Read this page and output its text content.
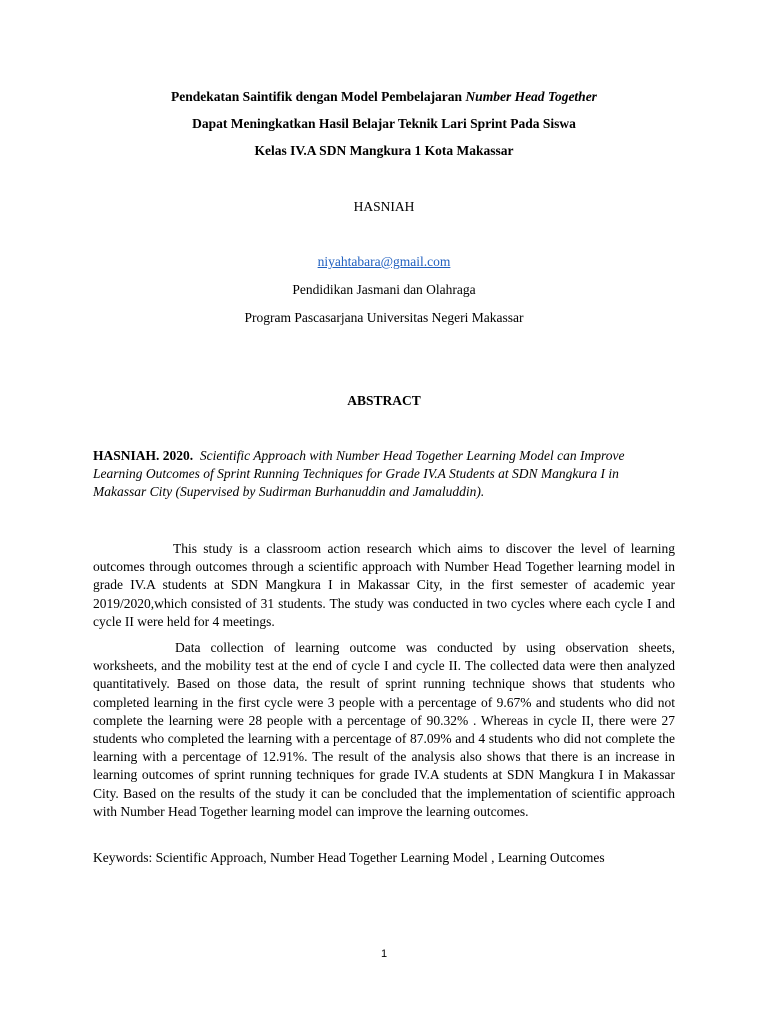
Pendekatan Saintifik dengan Model Pembelajaran Number Head Together
Dapat Meningkatkan Hasil Belajar Teknik Lari Sprint Pada Siswa
Kelas IV.A SDN Mangkura 1 Kota Makassar
HASNIAH
niyahtabara@gmail.com
Pendidikan Jasmani dan Olahraga
Program Pascasarjana Universitas Negeri Makassar
ABSTRACT
HASNIAH. 2020. Scientific Approach with Number Head Together Learning Model can Improve Learning Outcomes of Sprint Running Techniques for Grade IV.A Students at SDN Mangkura I in Makassar City (Supervised by Sudirman Burhanuddin and Jamaluddin).
This study is a classroom action research which aims to discover the level of learning outcomes through outcomes through a scientific approach with Number Head Together learning model in grade IV.A students at SDN Mangkura I in Makassar City, in the first semester of academic year 2019/2020,which consisted of 31 students. The study was conducted in two cycles where each cycle I and cycle II were held for 4 meetings.
Data collection of learning outcome was conducted by using observation sheets, worksheets, and the mobility test at the end of cycle I and cycle II. The collected data were then analyzed quantitatively. Based on those data, the result of sprint running technique shows that students who completed learning in the first cycle were 3 people with a percentage of 9.67% and students who did not complete the learning were 28 people with a percentage of 90.32% . Whereas in cycle II, there were 27 students who completed the learning with a percentage of 87.09% and 4 students who did not complete the learning with a percentage of 12.91%. The result of the analysis also shows that there is an increase in learning outcomes of sprint running techniques for grade IV.A students at SDN Mangkura I in Makassar City. Based on the results of the study it can be concluded that the implementation of scientific approach with Number Head Together learning model can improve the learning outcomes.
Keywords: Scientific Approach, Number Head Together Learning Model , Learning Outcomes
1
